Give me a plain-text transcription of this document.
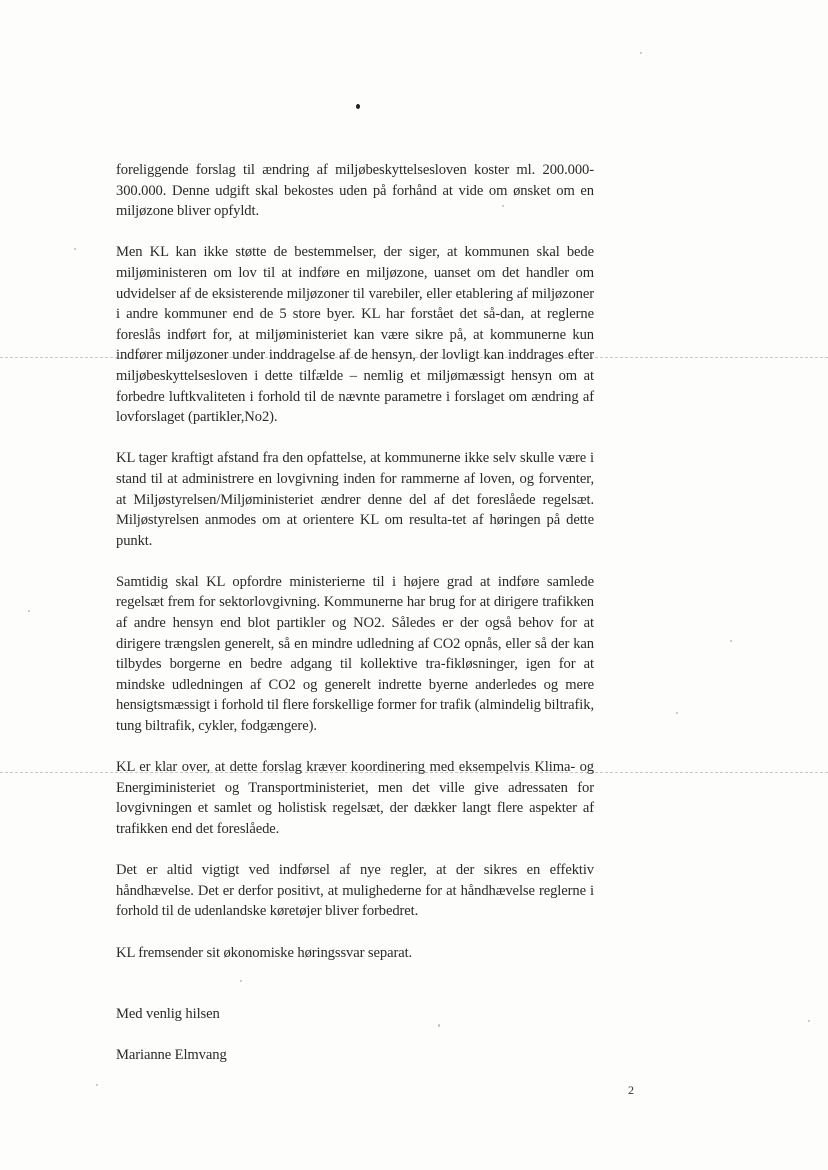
foreliggende forslag til ændring af miljøbeskyttelsesloven koster ml. 200.000-300.000. Denne udgift skal bekostes uden på forhånd at vide om ønsket om en miljøzone bliver opfyldt.

Men KL kan ikke støtte de bestemmelser, der siger, at kommunen skal bede miljøministeren om lov til at indføre en miljøzone, uanset om det handler om udvidelser af de eksisterende miljøzoner til varebiler, eller etablering af miljøzoner i andre kommuner end de 5 store byer. KL har forstået det så-dan, at reglerne foreslås indført for, at miljøministeriet kan være sikre på, at kommunerne kun indfører miljøzoner under inddragelse af de hensyn, der lovligt kan inddrages efter miljøbeskyttelsesloven i dette tilfælde – nemlig et miljømæssigt hensyn om at forbedre luftkvaliteten i forhold til de nævnte parametre i forslaget om ændring af lovforslaget (partikler,No2).

KL tager kraftigt afstand fra den opfattelse, at kommunerne ikke selv skulle være i stand til at administrere en lovgivning inden for rammerne af loven, og forventer, at Miljøstyrelsen/Miljøministeriet ændrer denne del af det foreslåede regelsæt. Miljøstyrelsen anmodes om at orientere KL om resulta-tet af høringen på dette punkt.

Samtidig skal KL opfordre ministerierne til i højere grad at indføre samlede regelsæt frem for sektorlovgivning. Kommunerne har brug for at dirigere trafikken af andre hensyn end blot partikler og NO2. Således er der også behov for at dirigere trængslen generelt, så en mindre udledning af CO2 opnås, eller så der kan tilbydes borgerne en bedre adgang til kollektive tra-fikløsninger, igen for at mindske udledningen af CO2 og generelt indrette byerne anderledes og mere hensigtsmæssigt i forhold til flere forskellige former for trafik (almindelig biltrafik, tung biltrafik, cykler, fodgængere).

KL er klar over, at dette forslag kræver koordinering med eksempelvis Klima- og Energiministeriet og Transportministeriet, men det ville give adressaten for lovgivningen et samlet og holistisk regelsæt, der dækker langt flere aspekter af trafikken end det foreslåede.

Det er altid vigtigt ved indførsel af nye regler, at der sikres en effektiv håndhævelse. Det er derfor positivt, at mulighederne for at håndhævelse reglerne i forhold til de udenlandske køretøjer bliver forbedret.

KL fremsender sit økonomiske høringssvar separat.

Med venlig hilsen

Marianne Elmvang

2
